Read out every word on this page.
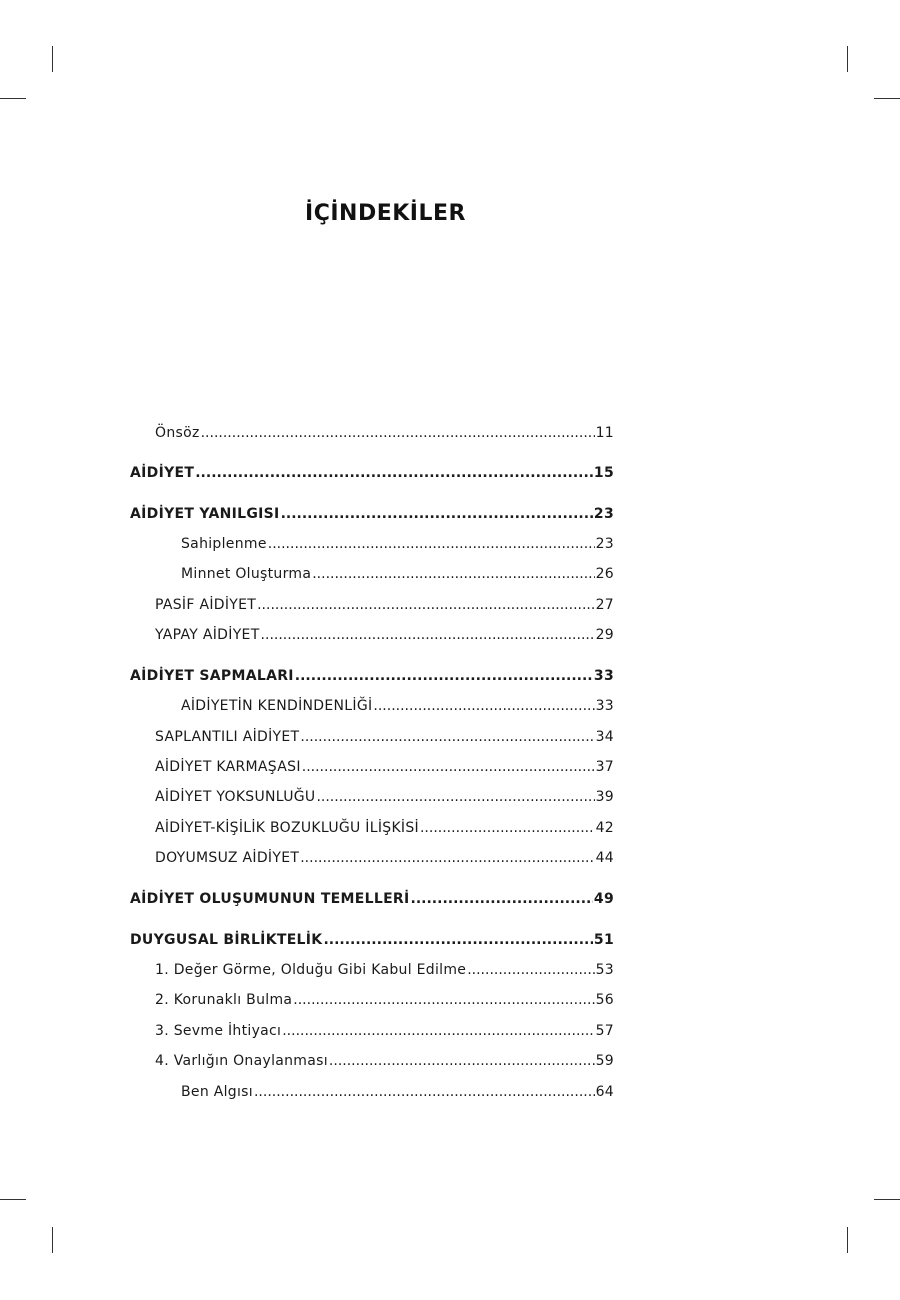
İÇİNDEKİLER
Önsöz .....	11
AİDİYET .....	15
AİDİYET YANILGISI .....	23
Sahiplenme .....	23
Minnet Oluşturma .....	26
PASİF AİDİYET .....	27
YAPAY AİDİYET .....	29
AİDİYET SAPMALARI .....	33
AİDİYETİN KENDİNDENLİĞİ .....	33
SAPLANTILI AİDİYET .....	34
AİDİYET KARMAŞASI .....	37
AİDİYET YOKSUNLUĞU .....	39
AİDİYET-KİŞİLİK BOZUKLUĞU İLİŞKİSİ .....	42
DOYUMSUZ AİDİYET .....	44
AİDİYET OLUŞUMUNUN TEMELLERİ .....	49
DUYGUSAL BİRLİKTELİK .....	51
1. Değer Görme, Olduğu Gibi Kabul Edilme .....	53
2. Korunaklı Bulma .....	56
3. Sevme İhtiyacı .....	57
4. Varlığın Onaylanması .....	59
Ben Algısı .....	64
